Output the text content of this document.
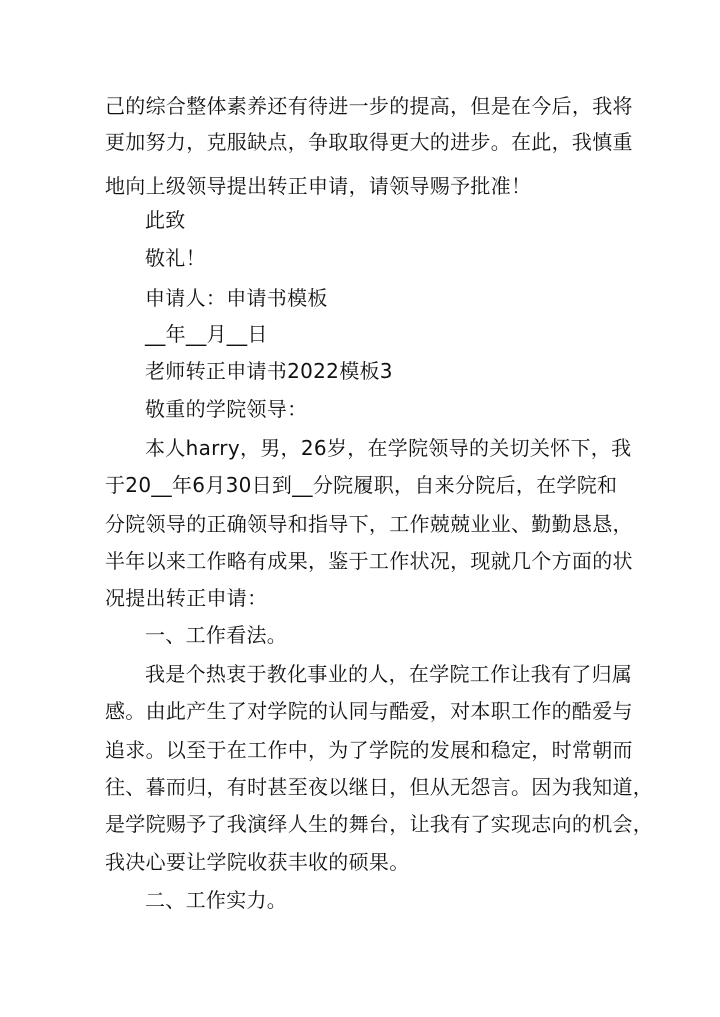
己的综合整体素养还有待进一步的提高，但是在今后，我将
更加努力，克服缺点，争取取得更大的进步。在此，我慎重
地向上级领导提出转正申请，请领导赐予批准！
此致
敬礼！
申请人：申请书模板
__年__月__日
老师转正申请书2022模板3
敬重的学院领导：
本人harry，男，26岁，在学院领导的关切关怀下，我
于20__年6月30日到__分院履职，自来分院后，在学院和
分院领导的正确领导和指导下，工作兢兢业业、勤勤恳恳，
半年以来工作略有成果，鉴于工作状况，现就几个方面的状
况提出转正申请：
一、工作看法。
我是个热衷于教化事业的人，在学院工作让我有了归属
感。由此产生了对学院的认同与酷爱，对本职工作的酷爱与
追求。以至于在工作中，为了学院的发展和稳定，时常朝而
往、暮而归，有时甚至夜以继日，但从无怨言。因为我知道，
是学院赐予了我演绎人生的舞台，让我有了实现志向的机会，
我决心要让学院收获丰收的硕果。
二、工作实力。
